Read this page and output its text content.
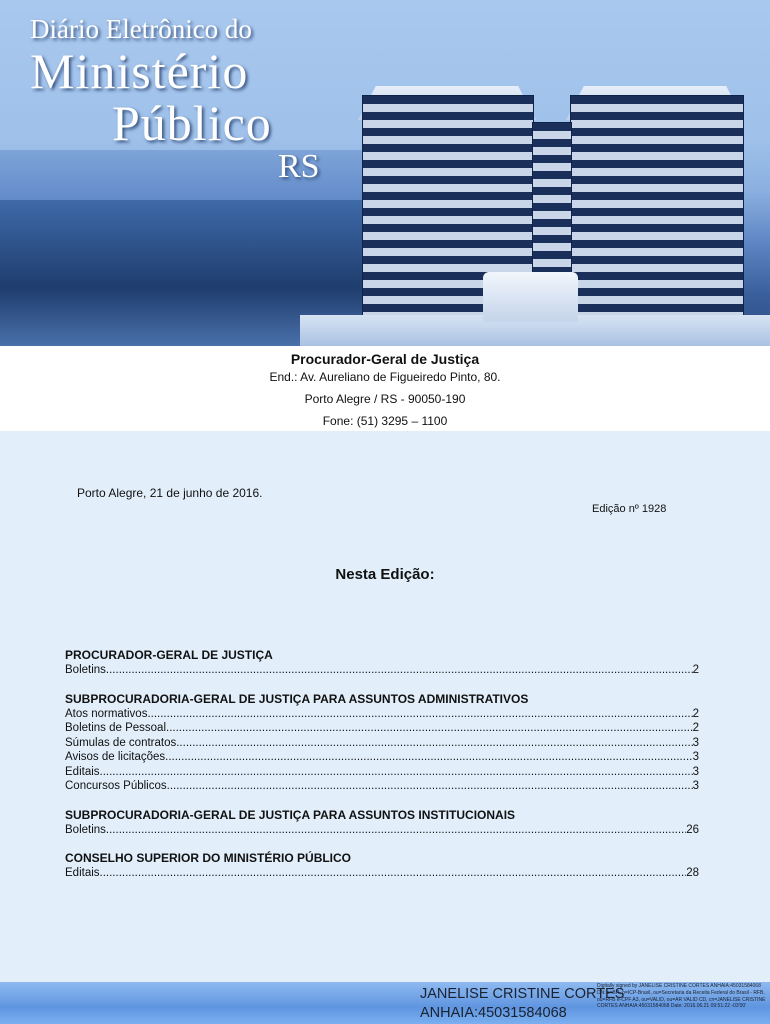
Diário Eletrônico do
Ministério
Público
RS
Procurador-Geral de Justiça
End.: Av. Aureliano de Figueiredo Pinto, 80.
Porto Alegre / RS - 90050-190
Fone: (51) 3295 – 1100
Porto Alegre, 21 de junho de 2016.
Edição nº 1928
Nesta Edição:
PROCURADOR-GERAL DE JUSTIÇA
Boletins .....	2
SUBPROCURADORIA-GERAL DE JUSTIÇA PARA ASSUNTOS ADMINISTRATIVOS
Atos normativos .....	2
Boletins de Pessoal .....	2
Súmulas de contratos .....	3
Avisos de licitações .....	3
Editais .....	3
Concursos Públicos .....	3
SUBPROCURADORIA-GERAL DE JUSTIÇA PARA ASSUNTOS INSTITUCIONAIS
Boletins .....	26
CONSELHO SUPERIOR DO MINISTÉRIO PÚBLICO
Editais .....	28
JANELISE CRISTINE CORTES
ANHAIA:45031584068
Digitally signed by JANELISE CRISTINE CORTES ANHAIA:45031584068 DN: c=BR, o=ICP-Brasil, ou=Secretaria da Receita Federal do Brasil - RFB, ou=RFB e-CPF A3, ou=VALID, ou=AR VALID CD, cn=JANELISE CRISTINE CORTES ANHAIA:45031584068 Date: 2016.06.21 09:51:22 -03'00'
